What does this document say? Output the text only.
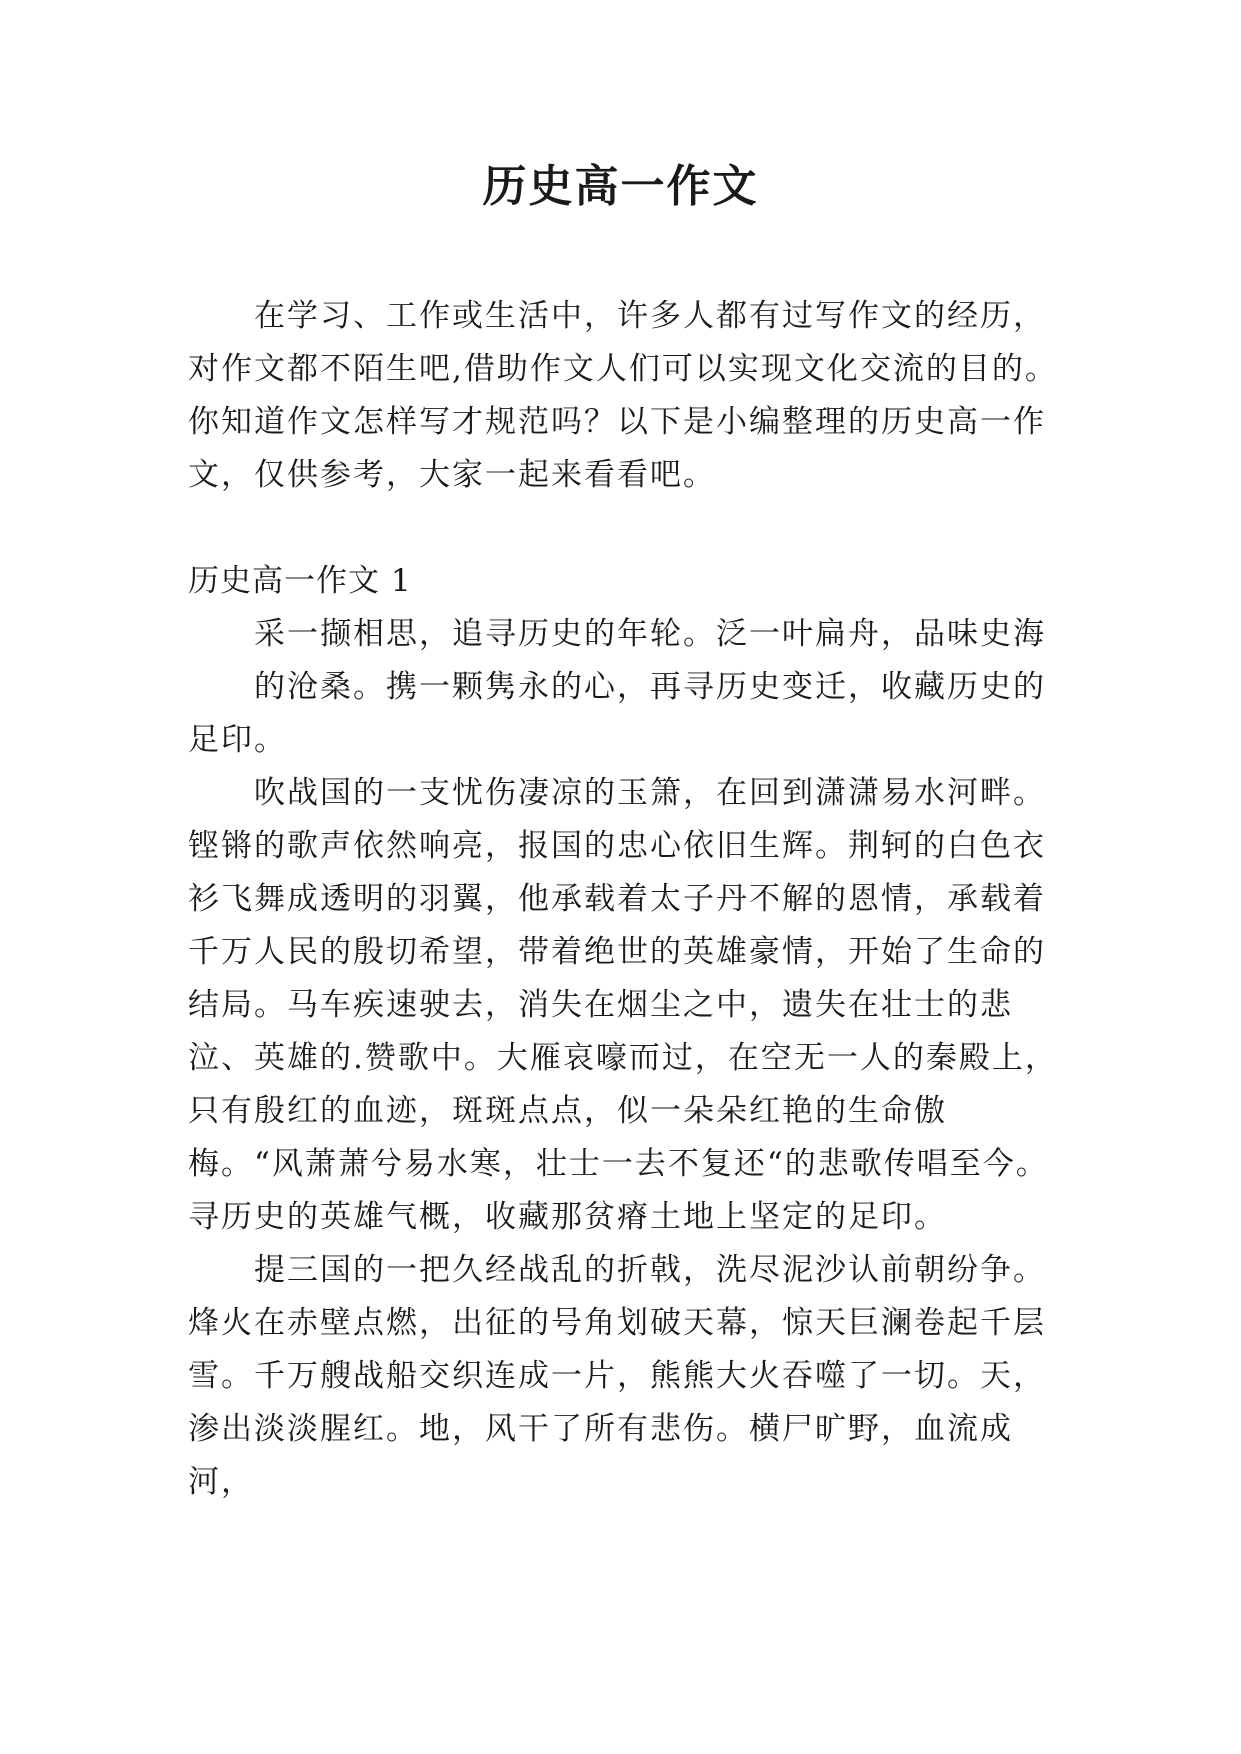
历史高一作文

在学习、工作或生活中，许多人都有过写作文的经历，对作文都不陌生吧,借助作文人们可以实现文化交流的目的。你知道作文怎样写才规范吗？以下是小编整理的历史高一作文，仅供参考，大家一起来看看吧。

历史高一作文 1
采一撷相思，追寻历史的年轮。泛一叶扁舟，品味史海
的沧桑。携一颗隽永的心，再寻历史变迁，收藏历史的
足印。

吹战国的一支忧伤凄凉的玉箫，在回到潇潇易水河畔。铿锵的歌声依然响亮，报国的忠心依旧生辉。荆轲的白色衣衫飞舞成透明的羽翼，他承载着太子丹不解的恩情，承载着千万人民的殷切希望，带着绝世的英雄豪情，开始了生命的结局。马车疾速驶去，消失在烟尘之中，遗失在壮士的悲泣、英雄的.赞歌中。大雁哀嚎而过，在空无一人的秦殿上，只有殷红的血迹，斑斑点点，似一朵朵红艳的生命傲梅。“风萧萧兮易水寒，壮士一去不复还“的悲歌传唱至今。寻历史的英雄气概，收藏那贫瘠土地上坚定的足印。

提三国的一把久经战乱的折戟，洗尽泥沙认前朝纷争。烽火在赤壁点燃，出征的号角划破天幕，惊天巨澜卷起千层雪。千万艘战船交织连成一片，熊熊大火吞噬了一切。天，渗出淡淡腥红。地，风干了所有悲伤。横尸旷野，血流成河，
